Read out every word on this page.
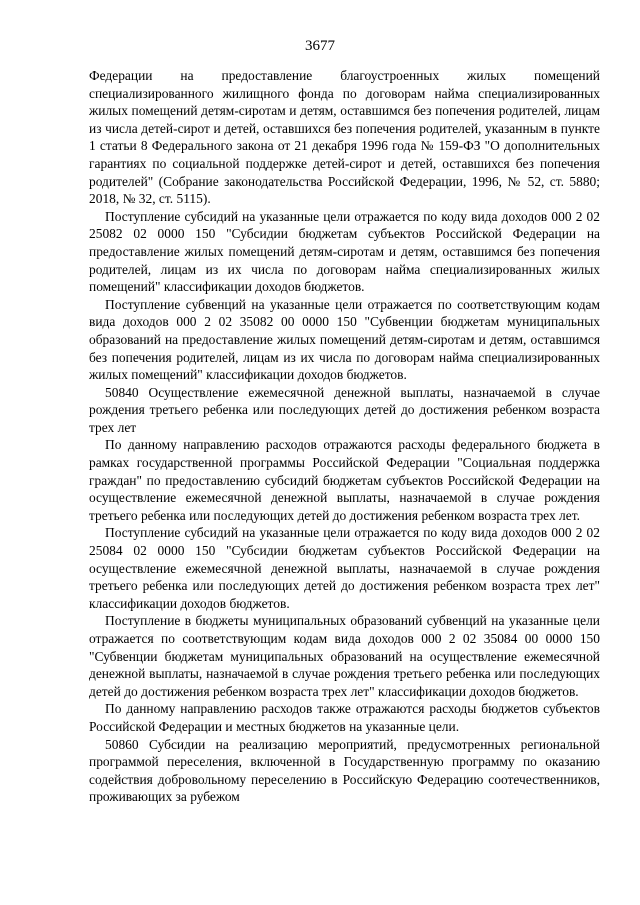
3677

Федерации на предоставление благоустроенных жилых помещений специализированного жилищного фонда по договорам найма специализированных жилых помещений детям-сиротам и детям, оставшимся без попечения родителей, лицам из числа детей-сирот и детей, оставшихся без попечения родителей, указанным в пункте 1 статьи 8 Федерального закона от 21 декабря 1996 года № 159-ФЗ "О дополнительных гарантиях по социальной поддержке детей-сирот и детей, оставшихся без попечения родителей" (Собрание законодательства Российской Федерации, 1996, № 52, ст. 5880; 2018, № 32, ст. 5115).

Поступление субсидий на указанные цели отражается по коду вида доходов 000 2 02 25082 02 0000 150 "Субсидии бюджетам субъектов Российской Федерации на предоставление жилых помещений детям-сиротам и детям, оставшимся без попечения родителей, лицам из их числа по договорам найма специализированных жилых помещений" классификации доходов бюджетов.

Поступление субвенций на указанные цели отражается по соответствующим кодам вида доходов 000 2 02 35082 00 0000 150 "Субвенции бюджетам муниципальных образований на предоставление жилых помещений детям-сиротам и детям, оставшимся без попечения родителей, лицам из их числа по договорам найма специализированных жилых помещений" классификации доходов бюджетов.

50840 Осуществление ежемесячной денежной выплаты, назначаемой в случае рождения третьего ребенка или последующих детей до достижения ребенком возраста трех лет

По данному направлению расходов отражаются расходы федерального бюджета в рамках государственной программы Российской Федерации "Социальная поддержка граждан" по предоставлению субсидий бюджетам субъектов Российской Федерации на осуществление ежемесячной денежной выплаты, назначаемой в случае рождения третьего ребенка или последующих детей до достижения ребенком возраста трех лет.

Поступление субсидий на указанные цели отражается по коду вида доходов 000 2 02 25084 02 0000 150 "Субсидии бюджетам субъектов Российской Федерации на осуществление ежемесячной денежной выплаты, назначаемой в случае рождения третьего ребенка или последующих детей до достижения ребенком возраста трех лет" классификации доходов бюджетов.

Поступление в бюджеты муниципальных образований субвенций на указанные цели отражается по соответствующим кодам вида доходов 000 2 02 35084 00 0000 150 "Субвенции бюджетам муниципальных образований на осуществление ежемесячной денежной выплаты, назначаемой в случае рождения третьего ребенка или последующих детей до достижения ребенком возраста трех лет" классификации доходов бюджетов.

По данному направлению расходов также отражаются расходы бюджетов субъектов Российской Федерации и местных бюджетов на указанные цели.

50860 Субсидии на реализацию мероприятий, предусмотренных региональной программой переселения, включенной в Государственную программу по оказанию содействия добровольному переселению в Российскую Федерацию соотечественников, проживающих за рубежом
